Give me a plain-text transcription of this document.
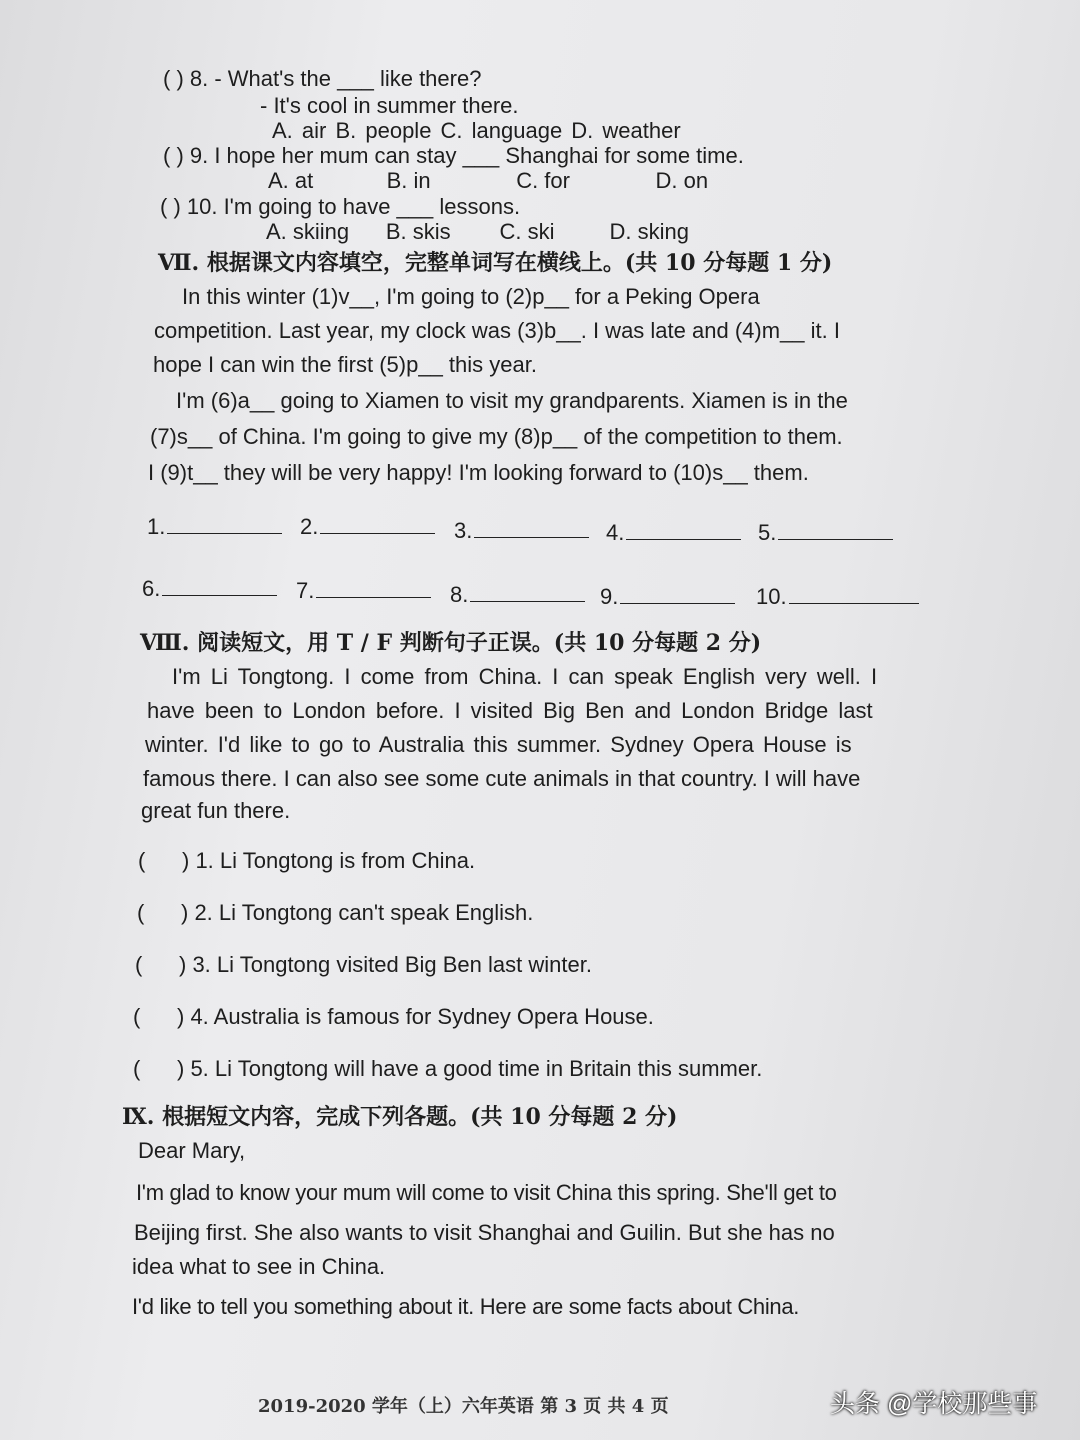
( ) 8. - What's the ___ like there?
- It's cool in summer there.
A. air B. people C. language D. weather
( ) 9. I hope her mum can stay ___ Shanghai for some time.
A. at            B. in              C. for              D. on
( ) 10. I'm going to have ___ lessons.
A. skiing      B. skis        C. ski         D. sking
Ⅶ. 根据课文内容填空，完整单词写在横线上。(共 10 分每题 1 分)
In this winter (1)v__, I'm going to (2)p__ for a Peking Opera
competition. Last year, my clock was (3)b__. I was late and (4)m__ it. I
hope I can win the first (5)p__ this year.
I'm (6)a__ going to Xiamen to visit my grandparents. Xiamen is in the
(7)s__ of China. I'm going to give my (8)p__ of the competition to them.
I (9)t__ they will be very happy! I'm looking forward to (10)s__ them.
1.	2.	3.	4.	5.
6.	7.	8.	9.	10.
Ⅷ. 阅读短文，用 T / F 判断句子正误。(共 10 分每题 2 分)
I'm Li Tongtong. I come from China. I can speak English very well. I
have been to London before. I visited Big Ben and London Bridge last
winter. I'd like to go to Australia this summer. Sydney Opera House is
famous there. I can also see some cute animals in that country. I will have
great fun there.
(      ) 1. Li Tongtong is from China.
(      ) 2. Li Tongtong can't speak English.
(      ) 3. Li Tongtong visited Big Ben last winter.
(      ) 4. Australia is famous for Sydney Opera House.
(      ) 5. Li Tongtong will have a good time in Britain this summer.
Ⅸ. 根据短文内容，完成下列各题。(共 10 分每题 2 分)
Dear Mary,
I'm glad to know your mum will come to visit China this spring. She'll get to
Beijing first. She also wants to visit Shanghai and Guilin. But she has no
idea what to see in China.
I'd like to tell you something about it. Here are some facts about China.
2019-2020 学年（上）六年英语 第 3 页 共 4 页	头条 @学校那些事
